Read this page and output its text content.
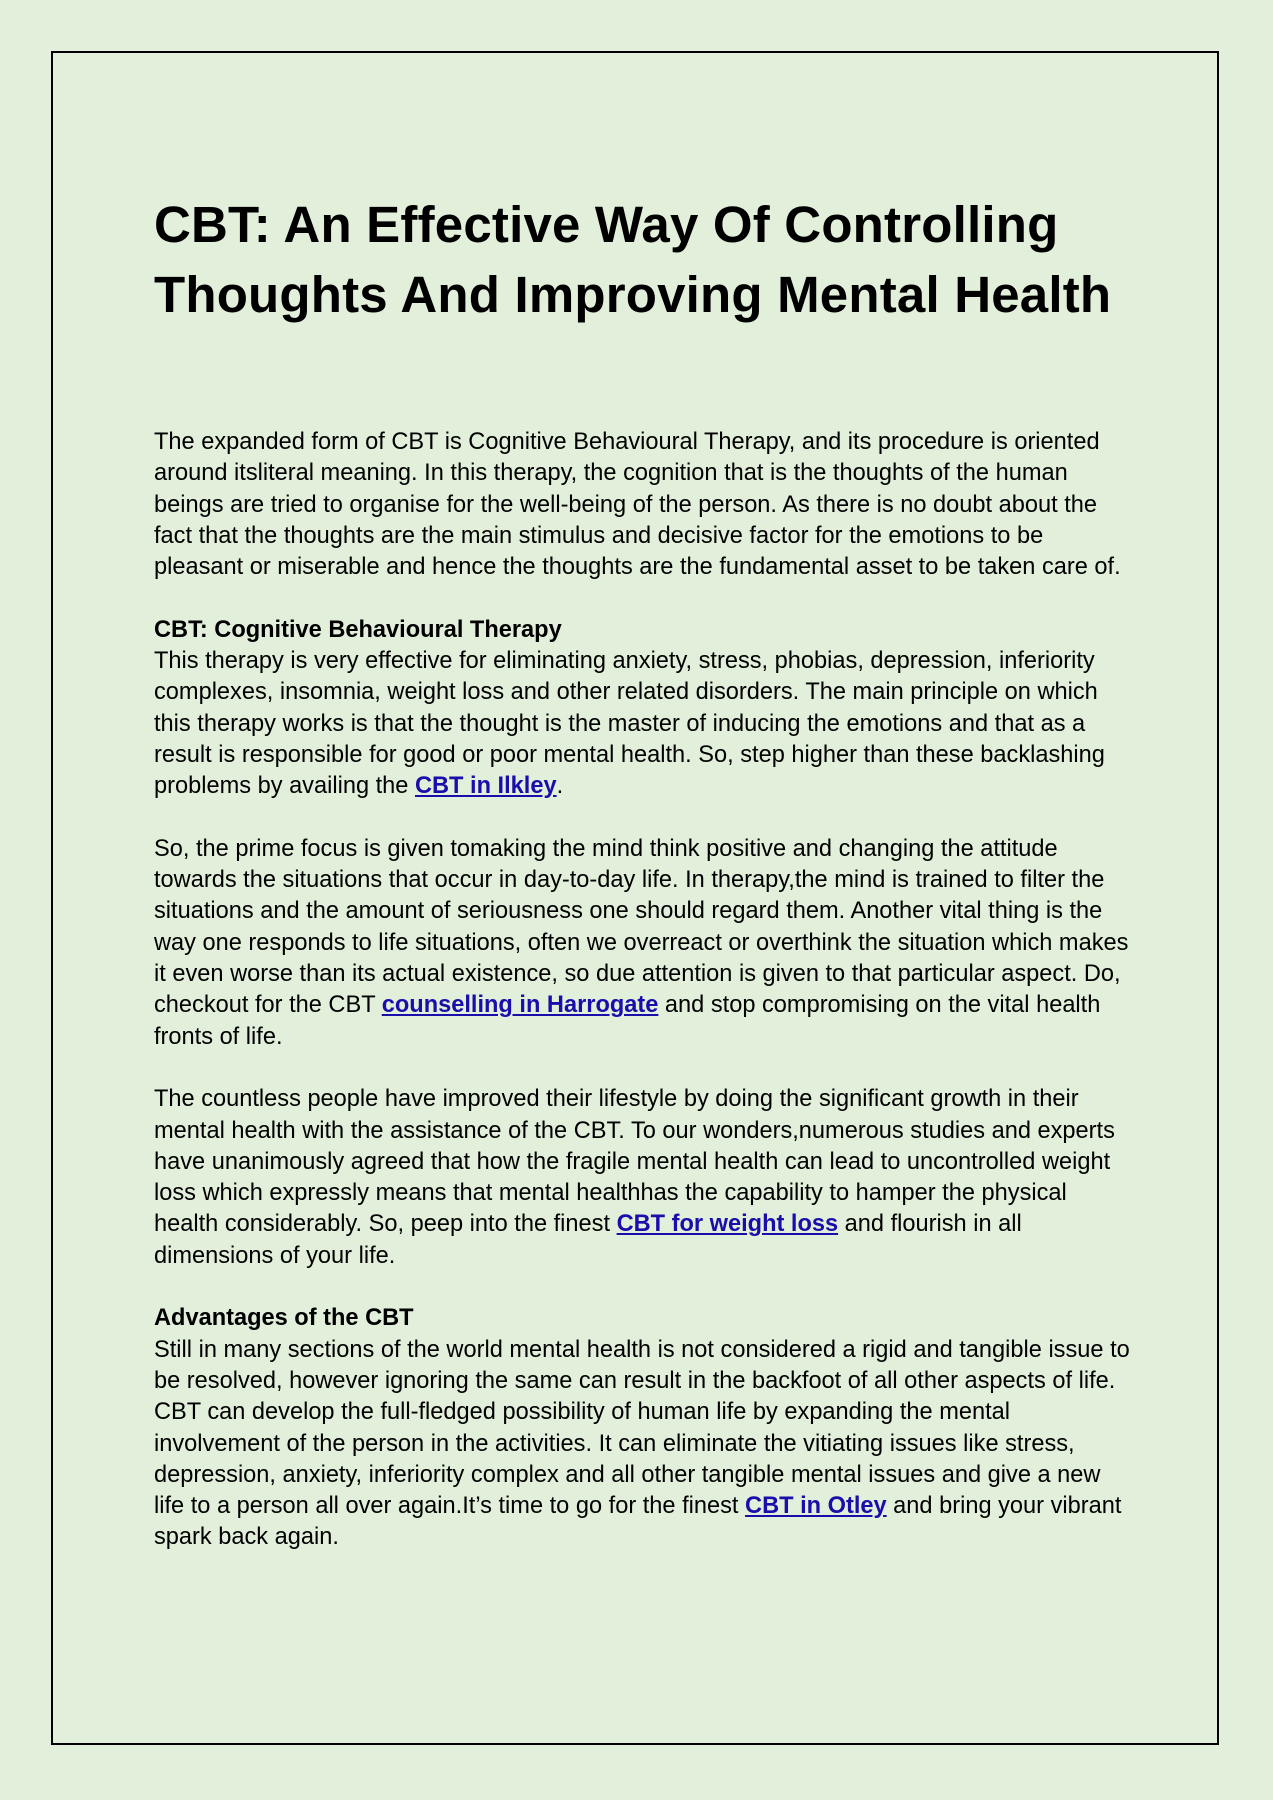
CBT: An Effective Way Of Controlling Thoughts And Improving Mental Health

The expanded form of CBT is Cognitive Behavioural Therapy, and its procedure is oriented around itsliteral meaning. In this therapy, the cognition that is the thoughts of the human beings are tried to organise for the well-being of the person. As there is no doubt about the fact that the thoughts are the main stimulus and decisive factor for the emotions to be pleasant or miserable and hence the thoughts are the fundamental asset to be taken care of.

CBT: Cognitive Behavioural Therapy

This therapy is very effective for eliminating anxiety, stress, phobias, depression, inferiority complexes, insomnia, weight loss and other related disorders. The main principle on which this therapy works is that the thought is the master of inducing the emotions and that as a result is responsible for good or poor mental health. So, step higher than these backlashing problems by availing the CBT in Ilkley.

So, the prime focus is given tomaking the mind think positive and changing the attitude towards the situations that occur in day-to-day life. In therapy,the mind is trained to filter the situations and the amount of seriousness one should regard them. Another vital thing is the way one responds to life situations, often we overreact or overthink the situation which makes it even worse than its actual existence, so due attention is given to that particular aspect. Do, checkout for the CBT counselling in Harrogate and stop compromising on the vital health fronts of life.

The countless people have improved their lifestyle by doing the significant growth in their mental health with the assistance of the CBT. To our wonders,numerous studies and experts have unanimously agreed that how the fragile mental health can lead to uncontrolled weight loss which expressly means that mental healthhas the capability to hamper the physical health considerably. So, peep into the finest CBT for weight loss and flourish in all dimensions of your life.

Advantages of the CBT

Still in many sections of the world mental health is not considered a rigid and tangible issue to be resolved, however ignoring the same can result in the backfoot of all other aspects of life. CBT can develop the full-fledged possibility of human life by expanding the mental involvement of the person in the activities. It can eliminate the vitiating issues like stress, depression, anxiety, inferiority complex and all other tangible mental issues and give a new life to a person all over again.It’s time to go for the finest CBT in Otley and bring your vibrant spark back again.
